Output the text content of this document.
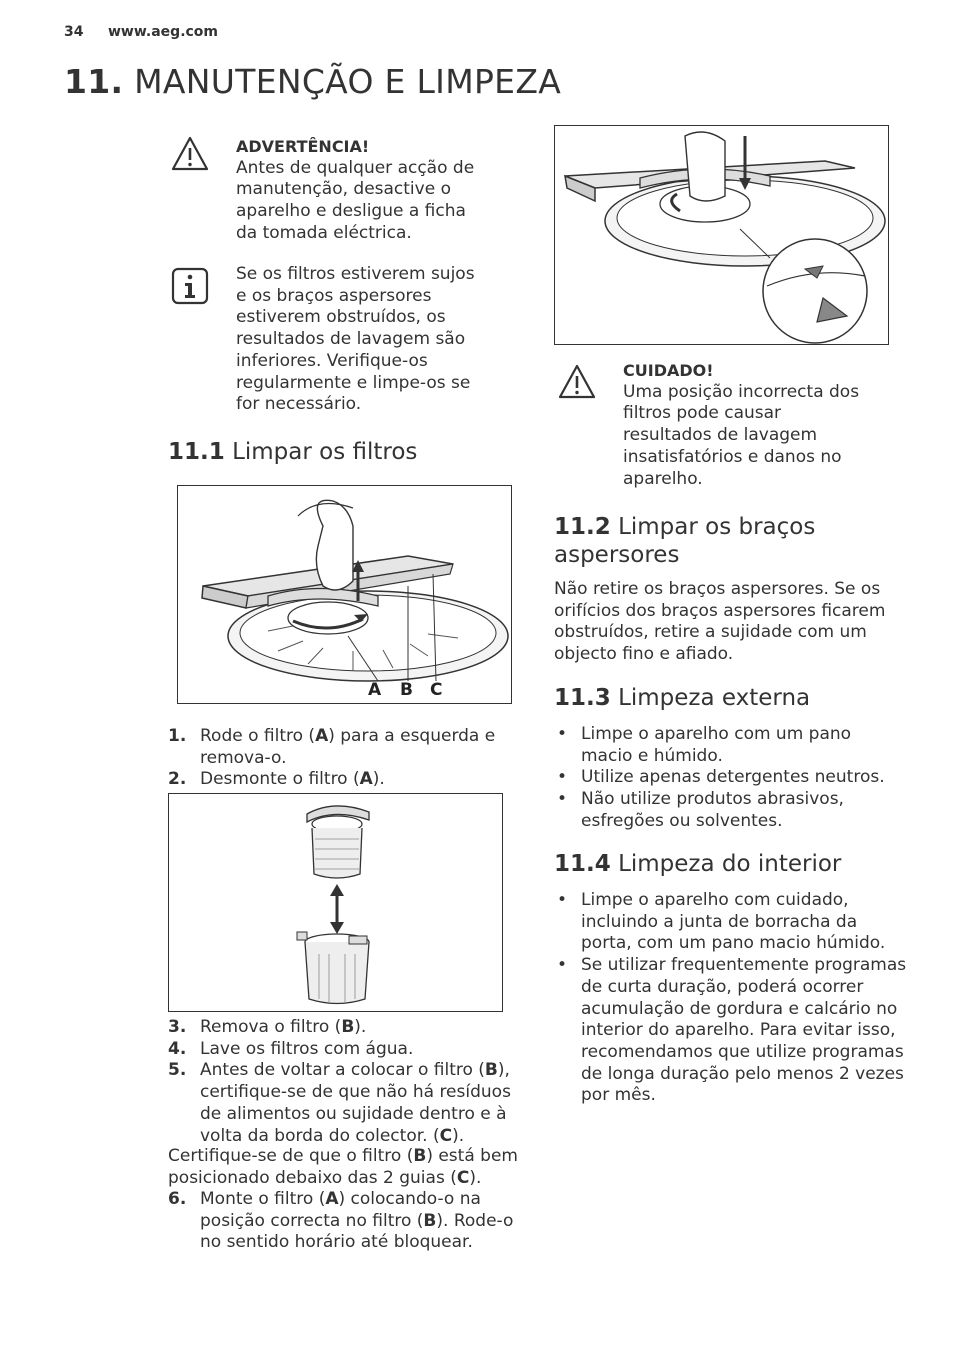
34 www.aeg.com
11. MANUTENÇÃO E LIMPEZA
ADVERTÊNCIA!
Antes de qualquer acção de
manutenção, desactive o
aparelho e desligue a ficha
da tomada eléctrica.
Se os filtros estiverem sujos
e os braços aspersores
estiverem obstruídos, os
resultados de lavagem são
inferiores. Verifique-os
regularmente e limpe-os se
for necessário.
11.1 Limpar os filtros
A B C
1. Rode o filtro (A) para a esquerda e
remova-o.
2. Desmonte o filtro (A).
3. Remova o filtro (B).
4. Lave os filtros com água.
5. Antes de voltar a colocar o filtro (B),
certifique-se de que não há resíduos
de alimentos ou sujidade dentro e à
volta da borda do colector. (C).
Certifique-se de que o filtro (B) está bem
posicionado debaixo das 2 guias (C).
6. Monte o filtro (A) colocando-o na
posição correcta no filtro (B). Rode-o
no sentido horário até bloquear.
CUIDADO!
Uma posição incorrecta dos
filtros pode causar
resultados de lavagem
insatisfatórios e danos no
aparelho.
11.2 Limpar os braços
aspersores
Não retire os braços aspersores. Se os
orifícios dos braços aspersores ficarem
obstruídos, retire a sujidade com um
objecto fino e afiado.
11.3 Limpeza externa
• Limpe o aparelho com um pano
macio e húmido.
• Utilize apenas detergentes neutros.
• Não utilize produtos abrasivos,
esfregões ou solventes.
11.4 Limpeza do interior
• Limpe o aparelho com cuidado,
incluindo a junta de borracha da
porta, com um pano macio húmido.
• Se utilizar frequentemente programas
de curta duração, poderá ocorrer
acumulação de gordura e calcário no
interior do aparelho. Para evitar isso,
recomendamos que utilize programas
de longa duração pelo menos 2 vezes
por mês.
